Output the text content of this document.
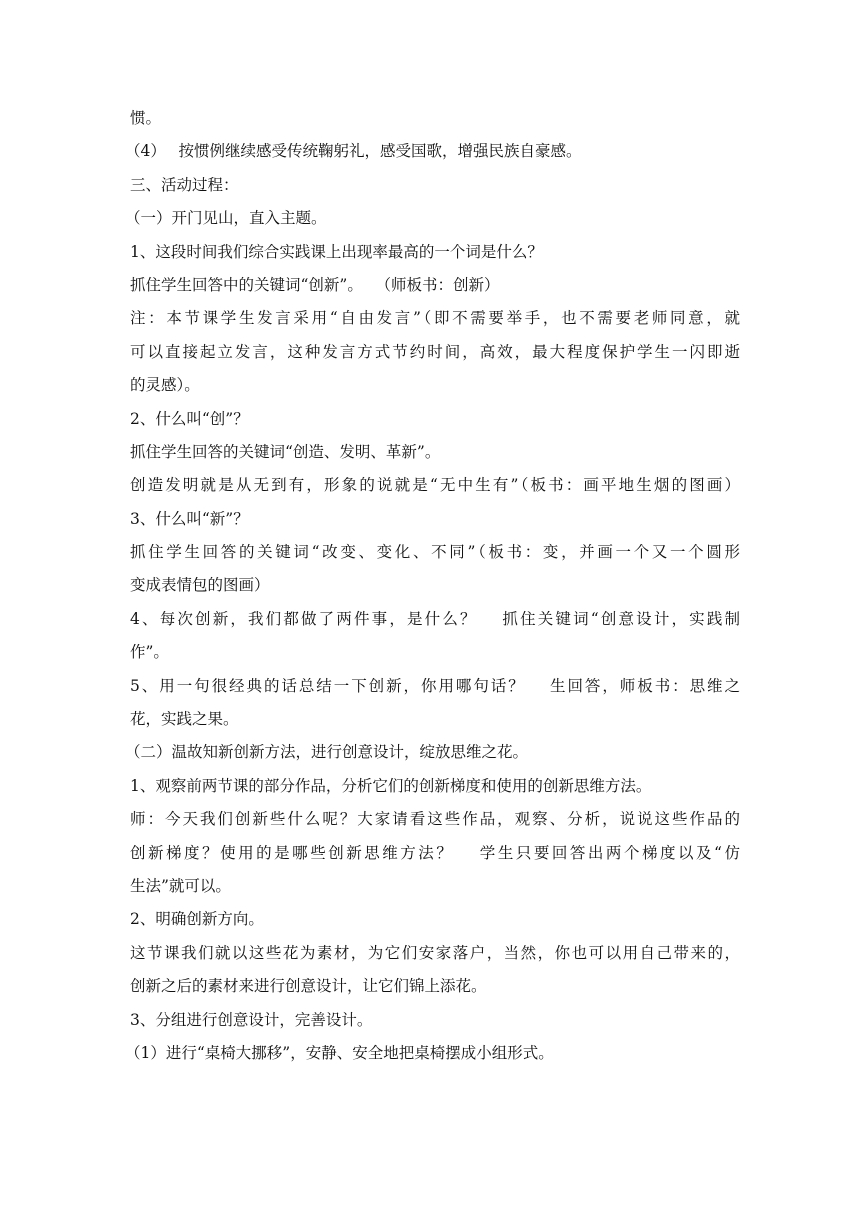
惯。
（4）　 按惯例继续感受传统鞠躬礼，感受国歌，增强民族自豪感。
三、活动过程：
（一）开门见山，直入主题。
1、这段时间我们综合实践课上出现率最高的一个词是什么？
抓住学生回答中的关键词“创新”。　 （师板书：创新）
注：本节课学生发言采用“自由发言”（即不需要举手，也不需要老师同意，就
可以直接起立发言，这种发言方式节约时间，高效，最大程度保护学生一闪即逝
的灵感）。
2、什么叫“创”？
抓住学生回答的关键词“创造、发明、革新”。
创造发明就是从无到有，形象的说就是“无中生有”（板书：画平地生烟的图画）
3、什么叫“新”？
抓住学生回答的关键词“改变、变化、不同”（板书：变，并画一个又一个圆形
变成表情包的图画）
4、每次创新，我们都做了两件事，是什么？　 抓住关键词“创意设计，实践制
作”。
5、用一句很经典的话总结一下创新，你用哪句话？　 生回答，师板书：思维之
花，实践之果。
（二）温故知新创新方法，进行创意设计，绽放思维之花。
1、观察前两节课的部分作品，分析它们的创新梯度和使用的创新思维方法。
师：今天我们创新些什么呢？大家请看这些作品，观察、分析，说说这些作品的
创新梯度？使用的是哪些创新思维方法？　 学生只要回答出两个梯度以及“仿
生法”就可以。
2、明确创新方向。
这节课我们就以这些花为素材，为它们安家落户，当然，你也可以用自己带来的，
创新之后的素材来进行创意设计，让它们锦上添花。
3、分组进行创意设计，完善设计。
（1）进行“桌椅大挪移”，安静、安全地把桌椅摆成小组形式。
